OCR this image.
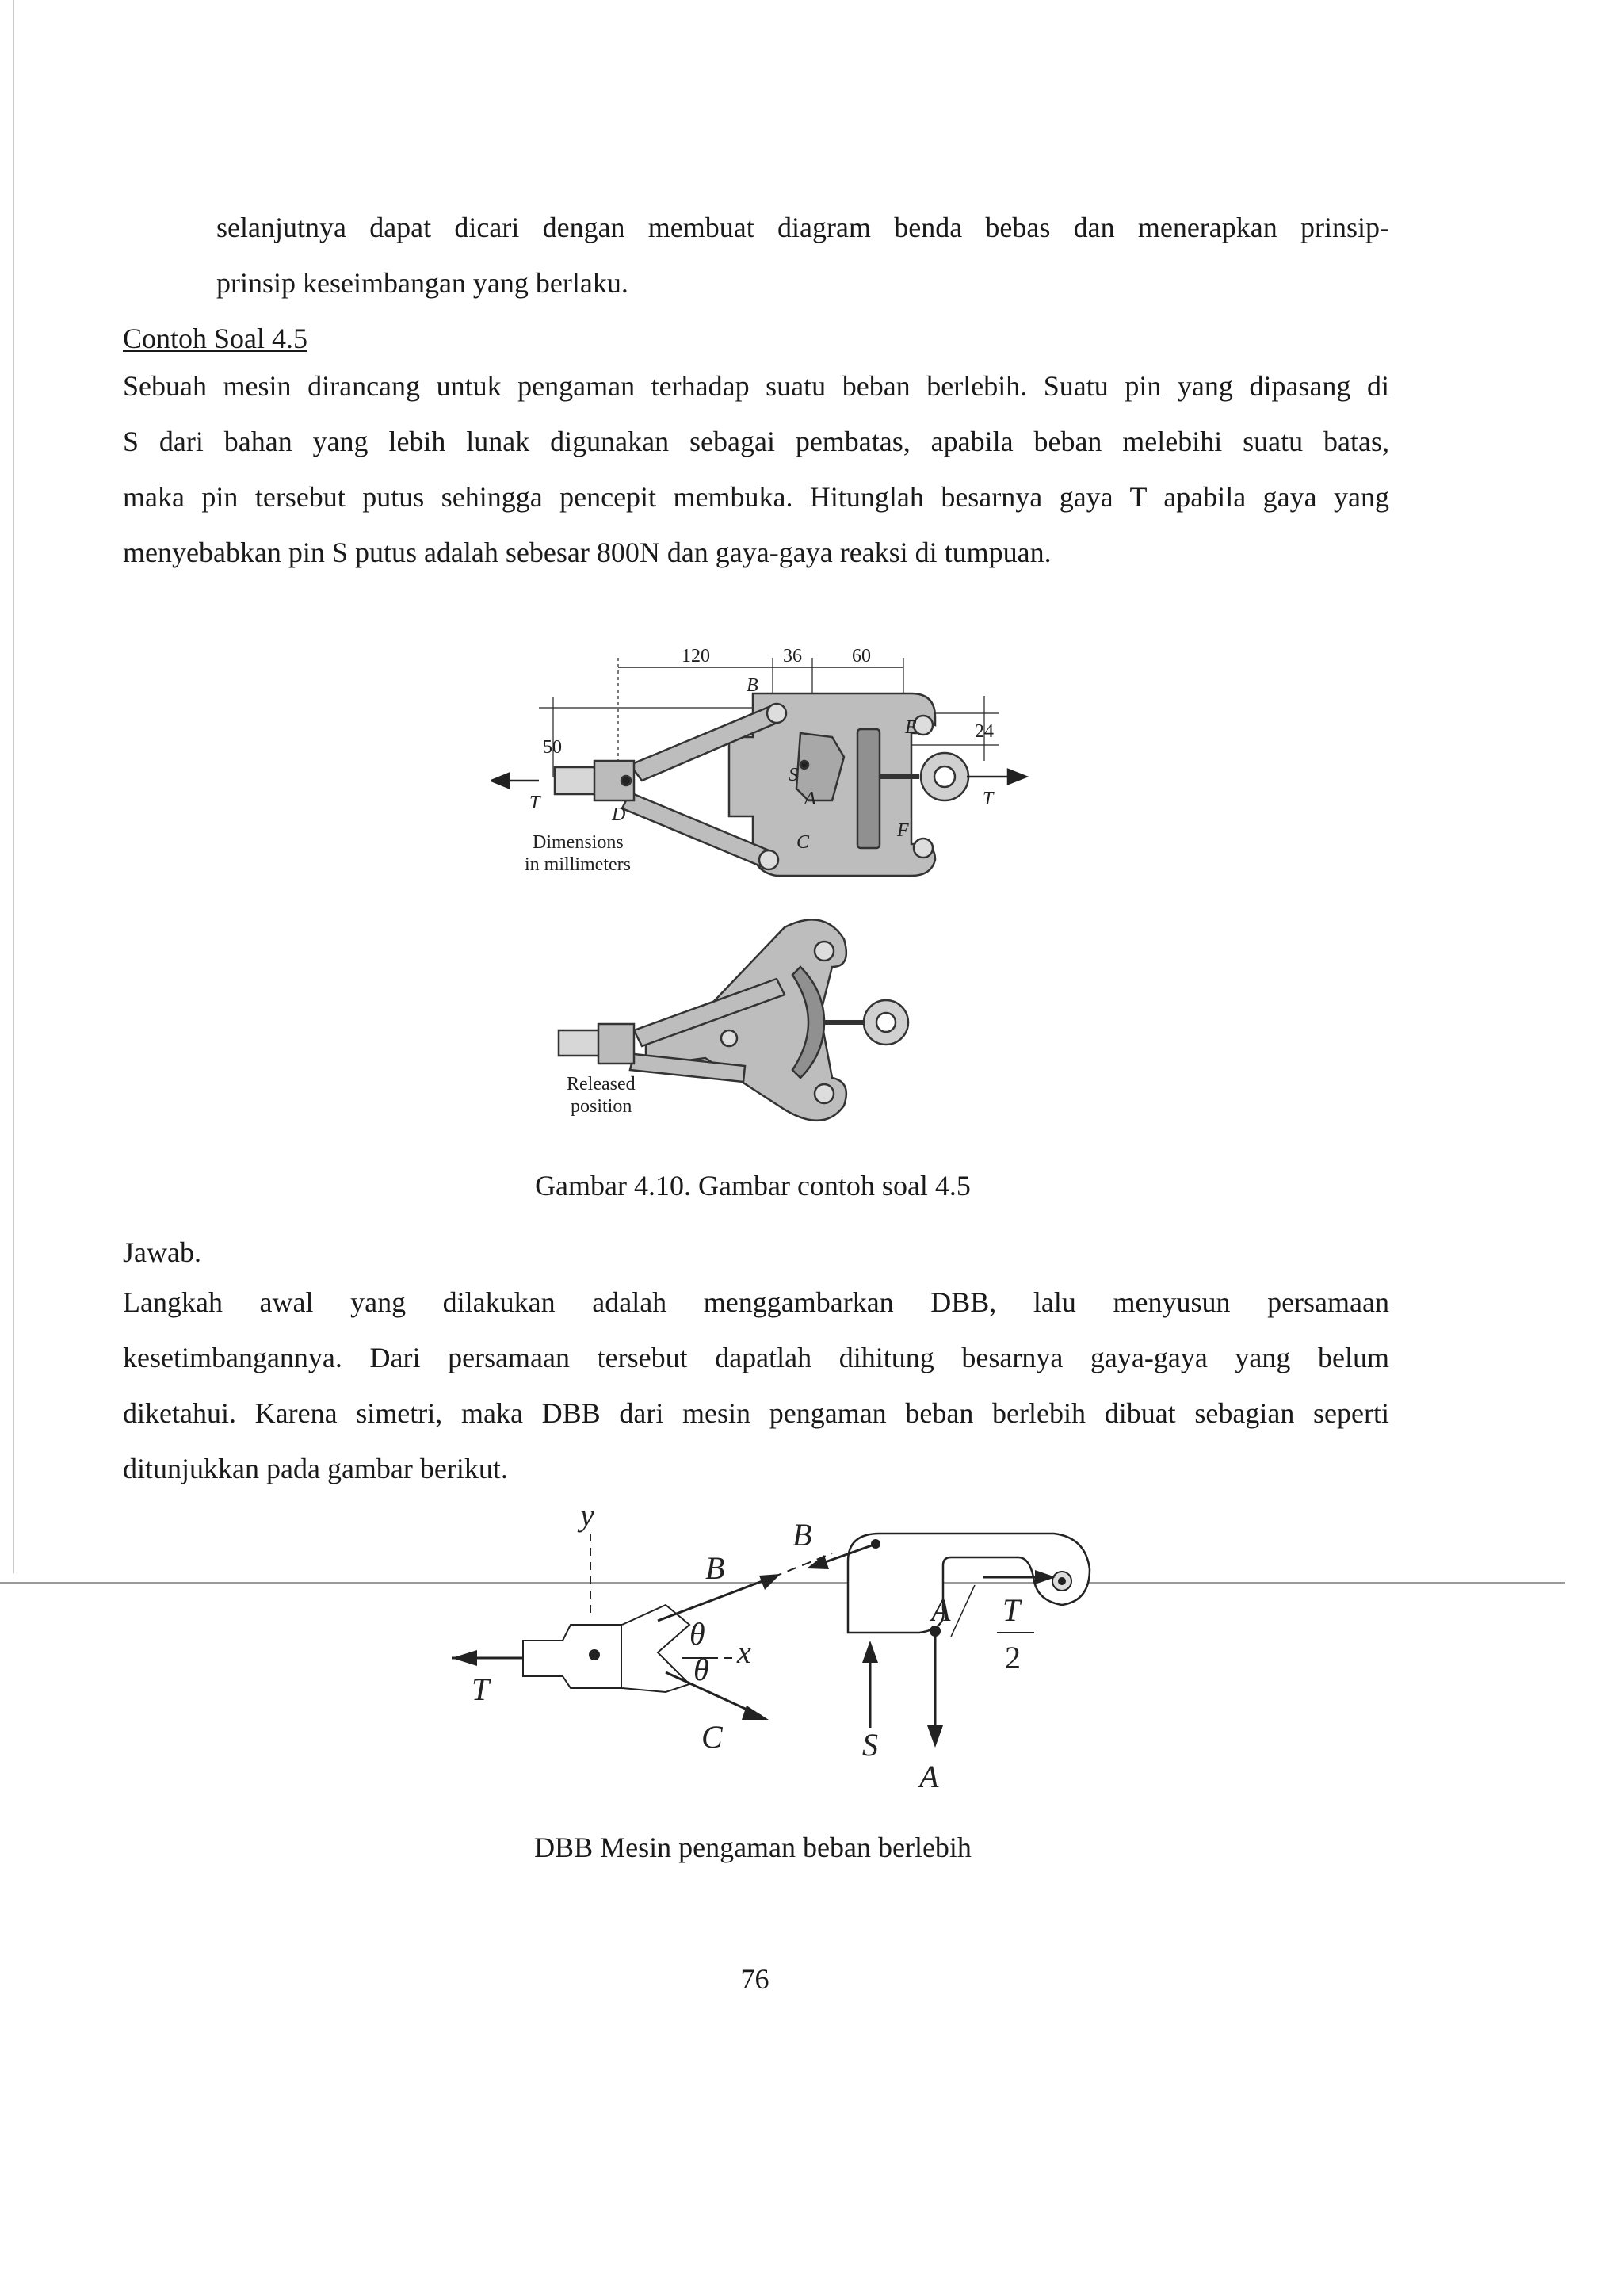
selanjutnya dapat dicari dengan membuat diagram benda bebas dan menerapkan prinsip-

prinsip keseimbangan yang berlaku.

Contoh Soal 4.5

Sebuah mesin dirancang untuk pengaman terhadap suatu beban berlebih. Suatu pin yang dipasang di
S dari bahan yang lebih lunak digunakan sebagai pembatas, apabila beban melebihi suatu batas,
maka pin tersebut putus sehingga pencepit membuka. Hitunglah besarnya gaya T apabila gaya yang

menyebabkan pin S putus adalah sebesar 800N dan gaya-gaya reaksi di tumpuan.

120	36	60
24
50
B
E
S
A
C
F
D
T	T
Dimensions
in millimeters
Released
position

Gambar 4.10. Gambar contoh soal 4.5

Jawab.

Langkah awal yang dilakukan adalah menggambarkan DBB, lalu menyusun persamaan
kesetimbangannya. Dari persamaan tersebut dapatlah dihitung besarnya gaya-gaya yang belum
diketahui. Karena simetri, maka DBB dari mesin pengaman beban berlebih dibuat sebagian seperti

ditunjukkan pada gambar berikut.

y
B
B
θ
θ x
T
C	S
A
A
T
2

DBB Mesin pengaman beban berlebih

76
